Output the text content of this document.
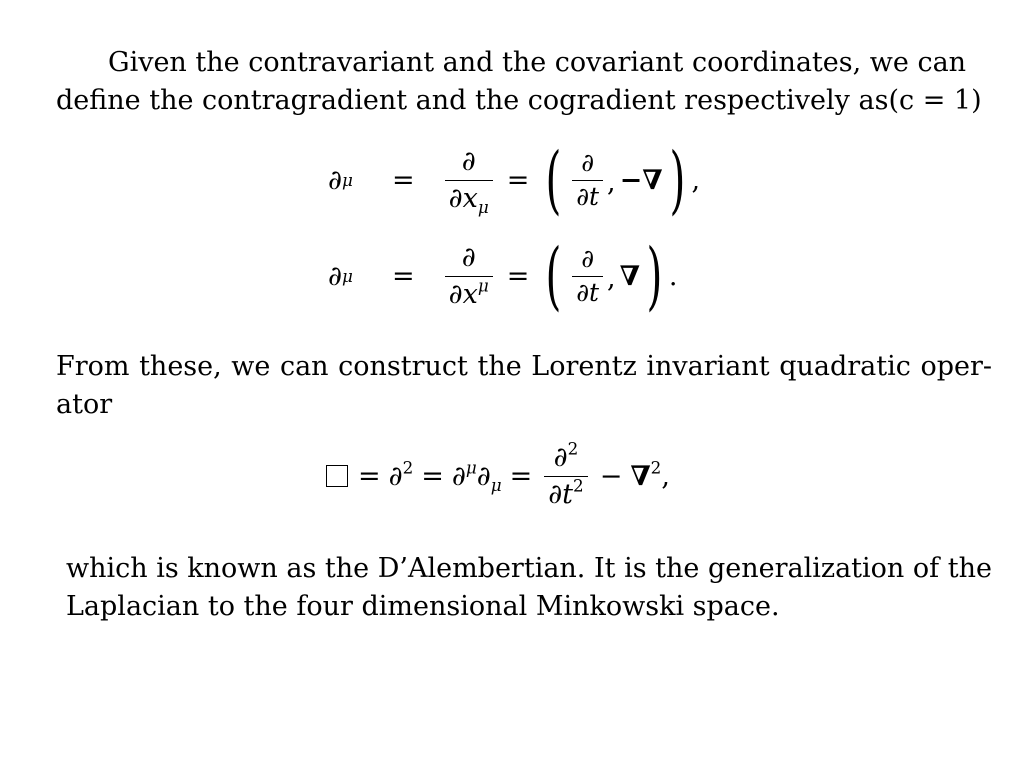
Given the contravariant and the covariant coordinates, we can
define the contragradient and the cogradient respectively as (c = 1)
∂ $\mu = \frac{\partial}{\partial x_\mu}$ = ( $\frac{\partial}{\partial t}$ , −∇ ) ,
∂ $\mu = \frac{\partial}{\partial x^\mu}$ = ( $\frac{\partial}{\partial t}$ , ∇ ) .
From these, we can construct the Lorentz invariant quadratic oper-
ator
= $\partial^2 = \partial^\mu\partial_\mu = \frac{\partial^2}{\partial t^2} - \nabla^2$ ,
which is known as the D’Alembertian. It is the generalization of the
Laplacian to the four dimensional Minkowski space.
